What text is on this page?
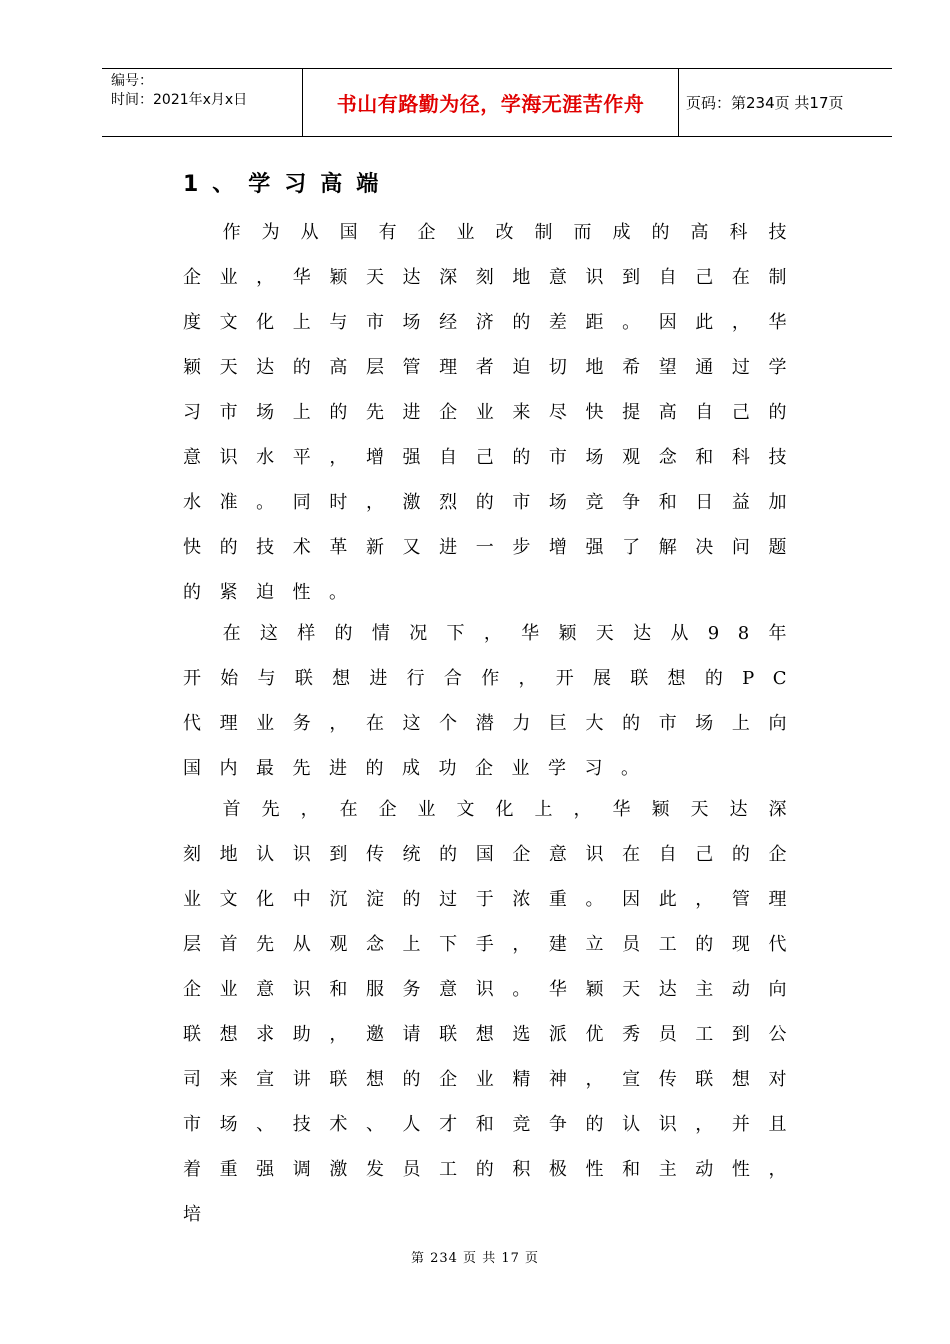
编号：
时间：2021年x月x日	书山有路勤为径，学海无涯苦作舟	页码：第234页 共17页
1、学习高端

作为从国有企业改制而成的高科技企业，华颖天达深刻地意识到自己在制度文化上与市场经济的差距。因此，华颖天达的高层管理者迫切地希望通过学习市场上的先进企业来尽快提高自己的意识水平，增强自己的市场观念和科技水准。同时，激烈的市场竞争和日益加快的技术革新又进一步增强了解决问题的紧迫性。

在这样的情况下，华颖天达从98年开始与联想进行合作，开展联想的PC代理业务，在这个潜力巨大的市场上向国内最先进的成功企业学习。

首先，在企业文化上，华颖天达深刻地认识到传统的国企意识在自己的企业文化中沉淀的过于浓重。因此，管理层首先从观念上下手，建立员工的现代企业意识和服务意识。华颖天达主动向联想求助，邀请联想选派优秀员工到公司来宣讲联想的企业精神，宣传联想对市场、技术、人才和竞争的认识，并且着重强调激发员工的积极性和主动性，培

第 234 页 共 17 页
